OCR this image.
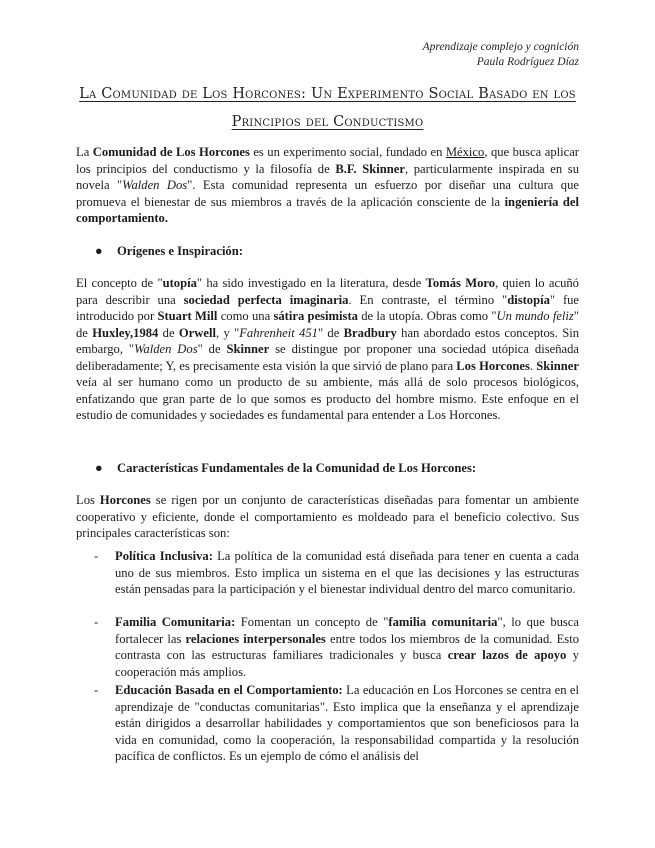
Aprendizaje complejo y cognición
Paula Rodríguez Díaz
La Comunidad de Los Horcones: Un Experimento Social Basado en los Principios del Conductismo

La Comunidad de Los Horcones es un experimento social, fundado en México, que busca aplicar los principios del conductismo y la filosofía de B.F. Skinner, particularmente inspirada en su novela "Walden Dos". Esta comunidad representa un esfuerzo por diseñar una cultura que promueva el bienestar de sus miembros a través de la aplicación consciente de la ingeniería del comportamiento.

● Orígenes e Inspiración:

El concepto de "utopía" ha sido investigado en la literatura, desde Tomás Moro, quien lo acuñó para describir una sociedad perfecta imaginaria. En contraste, el término "distopía" fue introducido por Stuart Mill como una sátira pesimista de la utopía. Obras como "Un mundo feliz" de Huxley,1984 de Orwell, y "Fahrenheit 451" de Bradbury han abordado estos conceptos. Sin embargo, "Walden Dos" de Skinner se distingue por proponer una sociedad utópica diseñada deliberadamente; Y, es precisamente esta visión la que sirvió de plano para Los Horcones. Skinner veía al ser humano como un producto de su ambiente, más allá de solo procesos biológicos, enfatizando que gran parte de lo que somos es producto del hombre mismo. Este enfoque en el estudio de comunidades y sociedades es fundamental para entender a Los Horcones.

● Características Fundamentales de la Comunidad de Los Horcones:

Los Horcones se rigen por un conjunto de características diseñadas para fomentar un ambiente cooperativo y eficiente, donde el comportamiento es moldeado para el beneficio colectivo. Sus principales características son:

- Política Inclusiva: La política de la comunidad está diseñada para tener en cuenta a cada uno de sus miembros. Esto implica un sistema en el que las decisiones y las estructuras están pensadas para la participación y el bienestar individual dentro del marco comunitario.
- Familia Comunitaria: Fomentan un concepto de "familia comunitaria", lo que busca fortalecer las relaciones interpersonales entre todos los miembros de la comunidad. Esto contrasta con las estructuras familiares tradicionales y busca crear lazos de apoyo y cooperación más amplios.
- Educación Basada en el Comportamiento: La educación en Los Horcones se centra en el aprendizaje de "conductas comunitarias". Esto implica que la enseñanza y el aprendizaje están dirigidos a desarrollar habilidades y comportamientos que son beneficiosos para la vida en comunidad, como la cooperación, la responsabilidad compartida y la resolución pacífica de conflictos. Es un ejemplo de cómo el análisis del
